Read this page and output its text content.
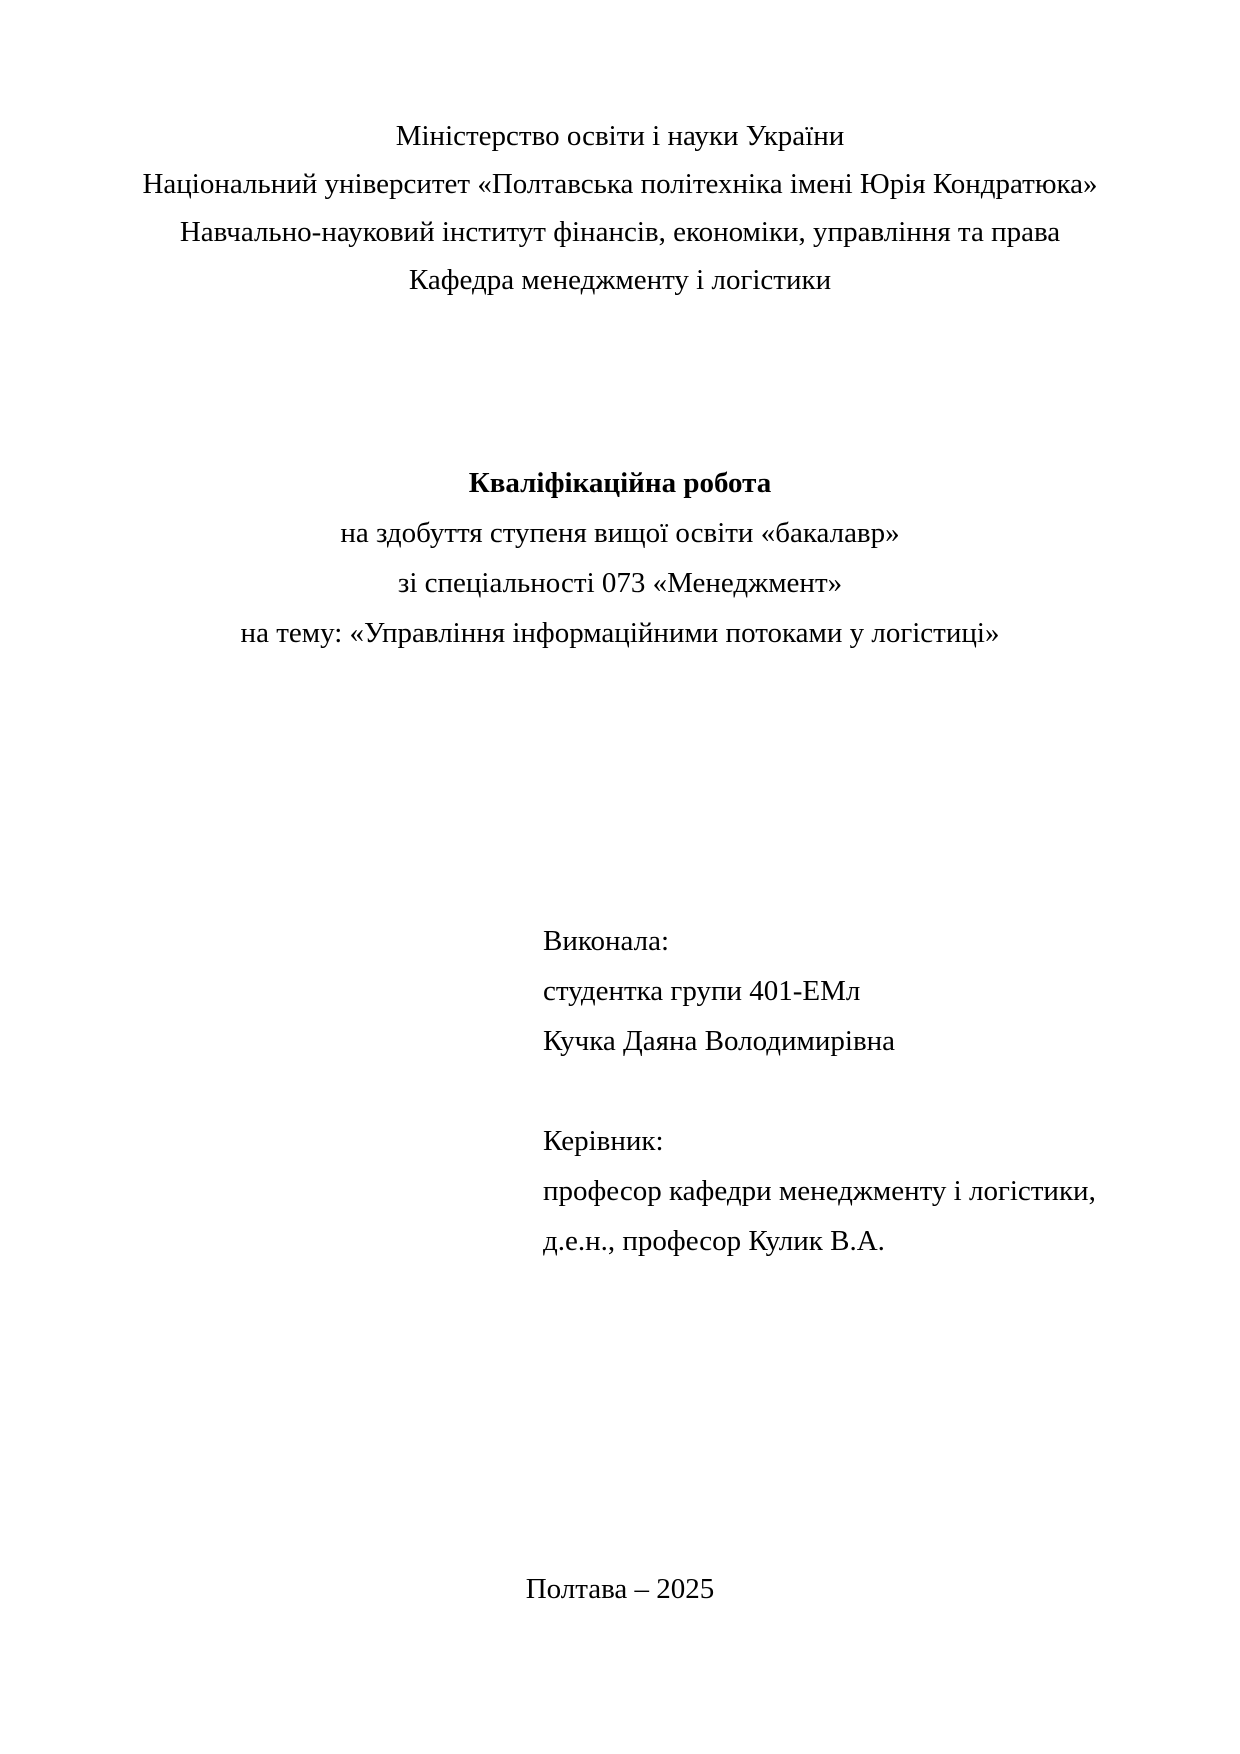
Міністерство освіти і науки України
Національний університет «Полтавська політехніка імені Юрія Кондратюка»
Навчально-науковий інститут фінансів, економіки, управління та права
Кафедра менеджменту і логістики
Кваліфікаційна робота
на здобуття ступеня вищої освіти «бакалавр»
зі спеціальності 073 «Менеджмент»
на тему: «Управління інформаційними потоками у логістиці»
Виконала:
студентка групи 401-ЕМл
Кучка Даяна Володимирівна
Керівник:
професор кафедри менеджменту і логістики,
д.е.н., професор Кулик В.А.
Полтава – 2025
